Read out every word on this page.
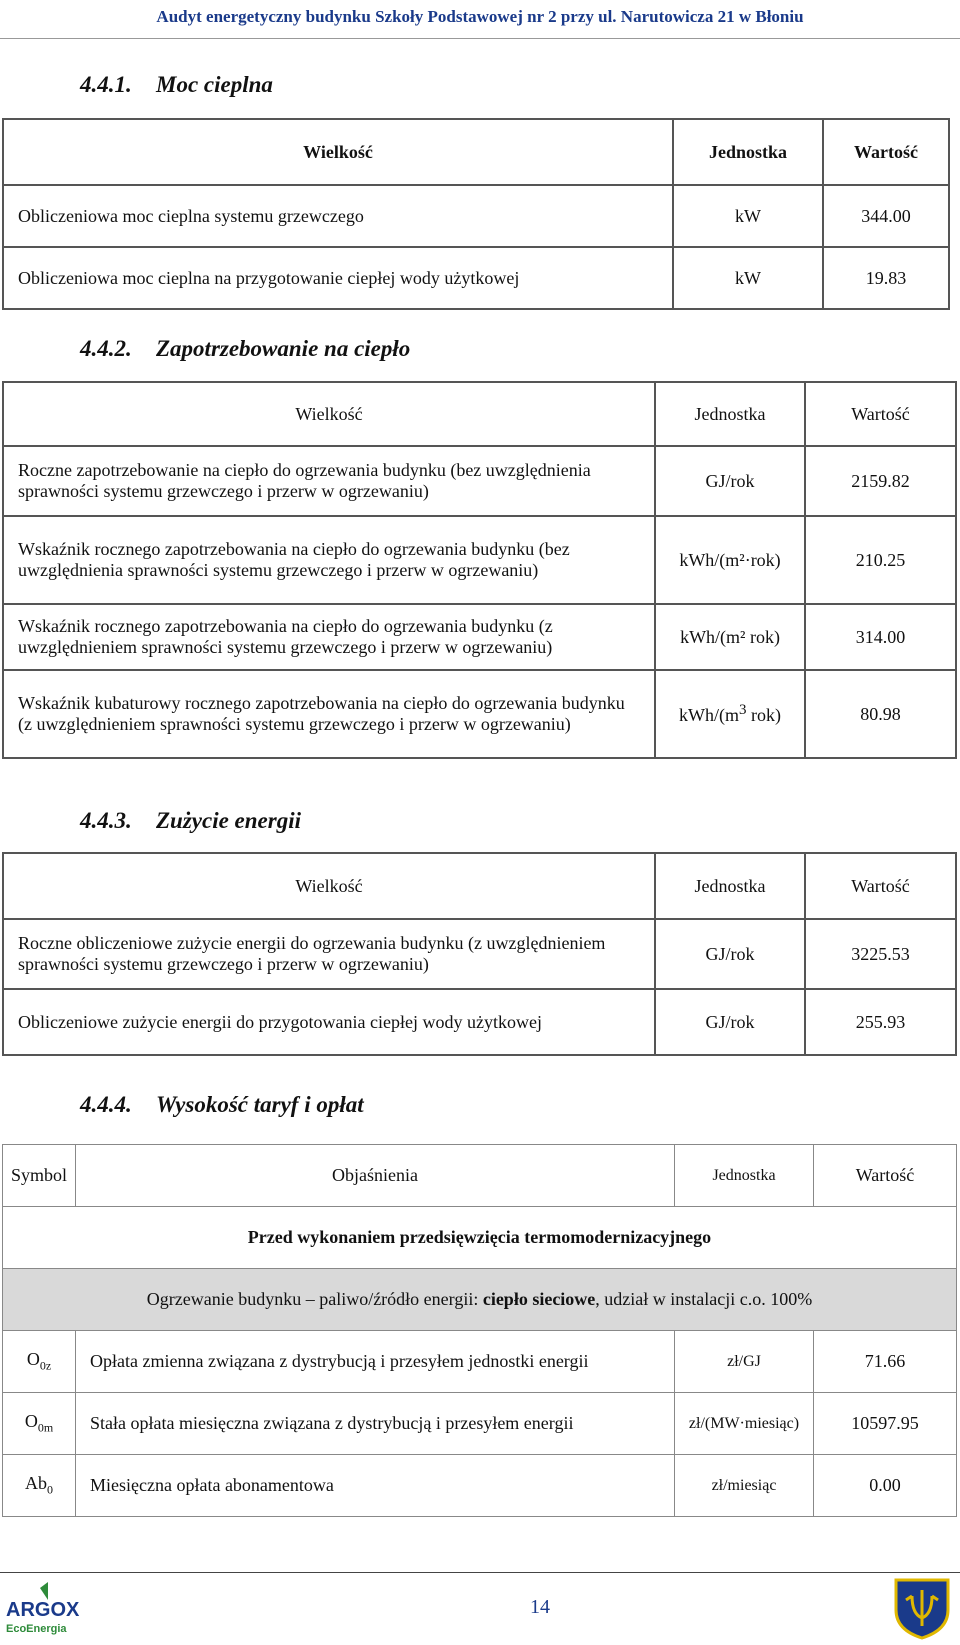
Audyt energetyczny budynku Szkoły Podstawowej nr 2 przy ul. Narutowicza 21 w Błoniu
4.4.1. Moc cieplna
Wielkość	Jednostka	Wartość
Obliczeniowa moc cieplna systemu grzewczego	kW	344.00
Obliczeniowa moc cieplna na przygotowanie ciepłej wody użytkowej	kW	19.83
4.4.2. Zapotrzebowanie na ciepło
Wielkość	Jednostka	Wartość
Roczne zapotrzebowanie na ciepło do ogrzewania budynku (bez uwzględnienia sprawności systemu grzewczego i przerw w ogrzewaniu)	GJ/rok	2159.82
Wskaźnik rocznego zapotrzebowania na ciepło do ogrzewania budynku (bez uwzględnienia sprawności systemu grzewczego i przerw w ogrzewaniu)	kWh/(m²·rok)	210.25
Wskaźnik rocznego zapotrzebowania na ciepło do ogrzewania budynku (z uwzględnieniem sprawności systemu grzewczego i przerw w ogrzewaniu)	kWh/(m² rok)	314.00
Wskaźnik kubaturowy rocznego zapotrzebowania na ciepło do ogrzewania budynku (z uwzględnieniem sprawności systemu grzewczego i przerw w ogrzewaniu)	kWh/($m^3$ rok)	80.98
4.4.3. Zużycie energii
Wielkość	Jednostka	Wartość
Roczne obliczeniowe zużycie energii do ogrzewania budynku (z uwzględnieniem sprawności systemu grzewczego i przerw w ogrzewaniu)	GJ/rok	3225.53
Obliczeniowe zużycie energii do przygotowania ciepłej wody użytkowej	GJ/rok	255.93
4.4.4. Wysokość taryf i opłat
Symbol	Objaśnienia	Jednostka	Wartość
Przed wykonaniem przedsięwzięcia termomodernizacyjnego			
Ogrzewanie budynku – paliwo/źródło energii: ciepło sieciowe, udział w instalacji c.o. 100%			
$O_{0z}$	Opłata zmienna związana z dystrybucją i przesyłem jednostki energii	zł/GJ	71.66
$O_{0m}$	Stała opłata miesięczna związana z dystrybucją i przesyłem energii	zł/(MW·miesiąc)	10597.95
$Ab_0$	Miesięczna opłata abonamentowa	zł/miesiąc	0.00
ARGOX
EcoEnergia
14
